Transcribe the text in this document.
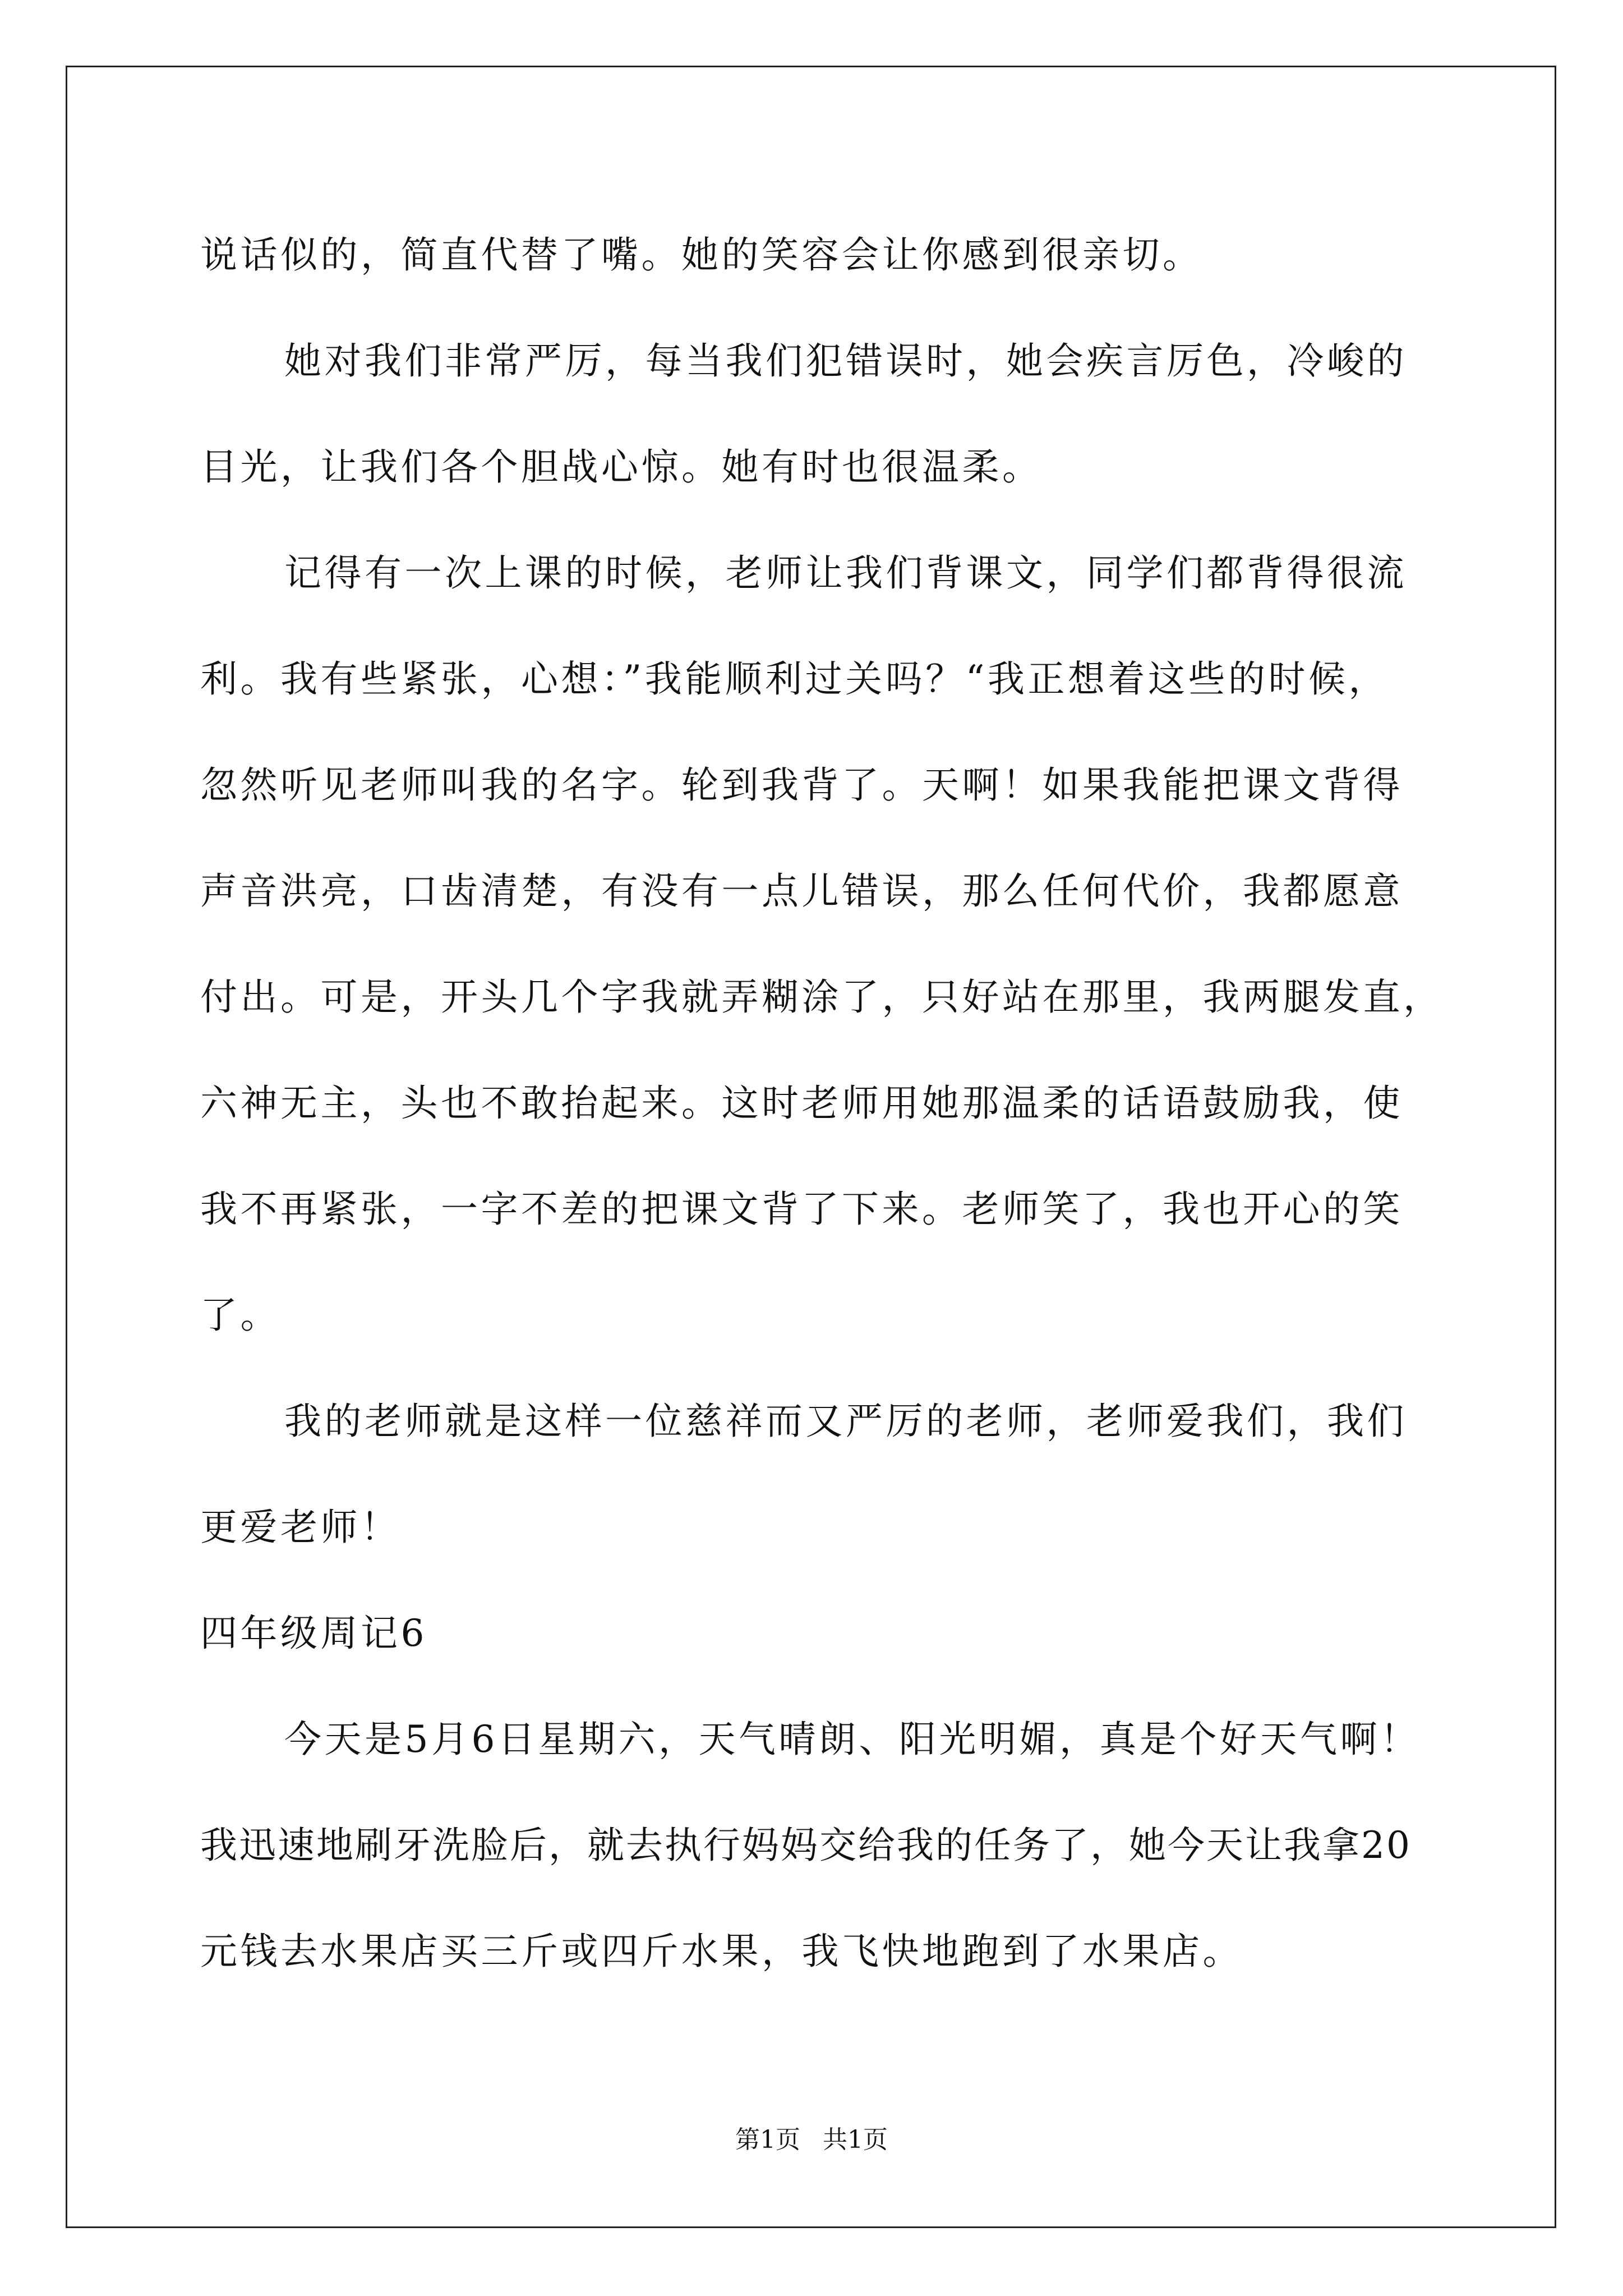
说话似的，简直代替了嘴。她的笑容会让你感到很亲切。
她对我们非常严厉，每当我们犯错误时，她会疾言厉色，冷峻的
目光，让我们各个胆战心惊。她有时也很温柔。
记得有一次上课的时候，老师让我们背课文，同学们都背得很流
利。我有些紧张，心想：”我能顺利过关吗？“我正想着这些的时候，
忽然听见老师叫我的名字。轮到我背了。天啊！如果我能把课文背得
声音洪亮，口齿清楚，有没有一点儿错误，那么任何代价，我都愿意
付出。可是，开头几个字我就弄糊涂了，只好站在那里，我两腿发直，
六神无主，头也不敢抬起来。这时老师用她那温柔的话语鼓励我，使
我不再紧张，一字不差的把课文背了下来。老师笑了，我也开心的笑
了。
我的老师就是这样一位慈祥而又严厉的老师，老师爱我们，我们
更爱老师！
四年级周记6
今天是5月6日星期六，天气晴朗、阳光明媚，真是个好天气啊！
我迅速地刷牙洗脸后，就去执行妈妈交给我的任务了，她今天让我拿20
元钱去水果店买三斤或四斤水果，我飞快地跑到了水果店。
第1页 共1页
